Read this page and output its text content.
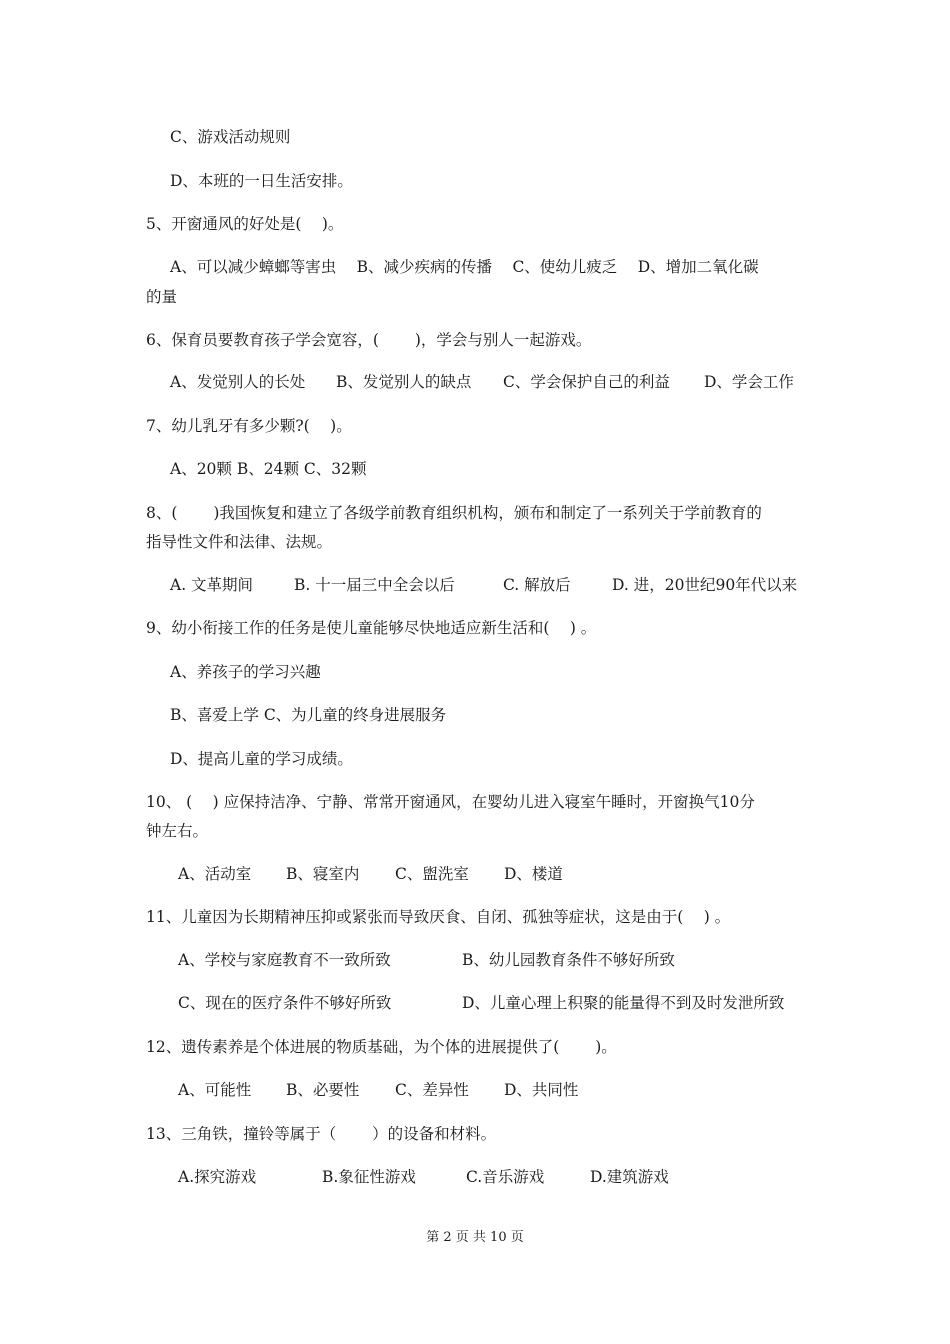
C、游戏活动规则
D、本班的一日生活安排。
5、开窗通风的好处是(　 )。
A、可以减少蟑螂等害虫　 B、减少疾病的传播　 C、使幼儿疲乏　 D、增加二氧化碳
的量
6、保育员要教育孩子学会宽容，(　　 )，学会与别人一起游戏。
A、发觉别人的长处 B、发觉别人的缺点 C、学会保护自己的利益 D、学会工作
7、幼儿乳牙有多少颗?(　 )。
A、20颗 B、24颗 C、32颗
8、(　　 )我国恢复和建立了各级学前教育组织机构，颁布和制定了一系列关于学前教育的
指导性文件和法律、法规。
A. 文革期间	B. 十一届三中全会以后	C. 解放后	D. 进，20世纪90年代以来
9、幼小衔接工作的任务是使儿童能够尽快地适应新生活和(　 ) 。
A、养孩子的学习兴趣
B、喜爱上学 C、为儿童的终身进展服务
D、提高儿童的学习成绩。
10、 (　 ) 应保持洁净、宁静、常常开窗通风，在婴幼儿进入寝室午睡时，开窗换气10分
钟左右。
A、活动室 B、寝室内 C、盥洗室 D、楼道
11、儿童因为长期精神压抑或紧张而导致厌食、自闭、孤独等症状，这是由于(　 ) 。
A、学校与家庭教育不一致所致	B、幼儿园教育条件不够好所致
C、现在的医疗条件不够好所致	D、儿童心理上积聚的能量得不到及时发泄所致
12、遗传素养是个体进展的物质基础，为个体的进展提供了(　　 )。
A、可能性 B、必要性 C、差异性 D、共同性
13、三角铁，撞铃等属于（　　 ）的设备和材料。
A.探究游戏	B.象征性游戏	C.音乐游戏	D.建筑游戏
第 2 页 共 10 页
